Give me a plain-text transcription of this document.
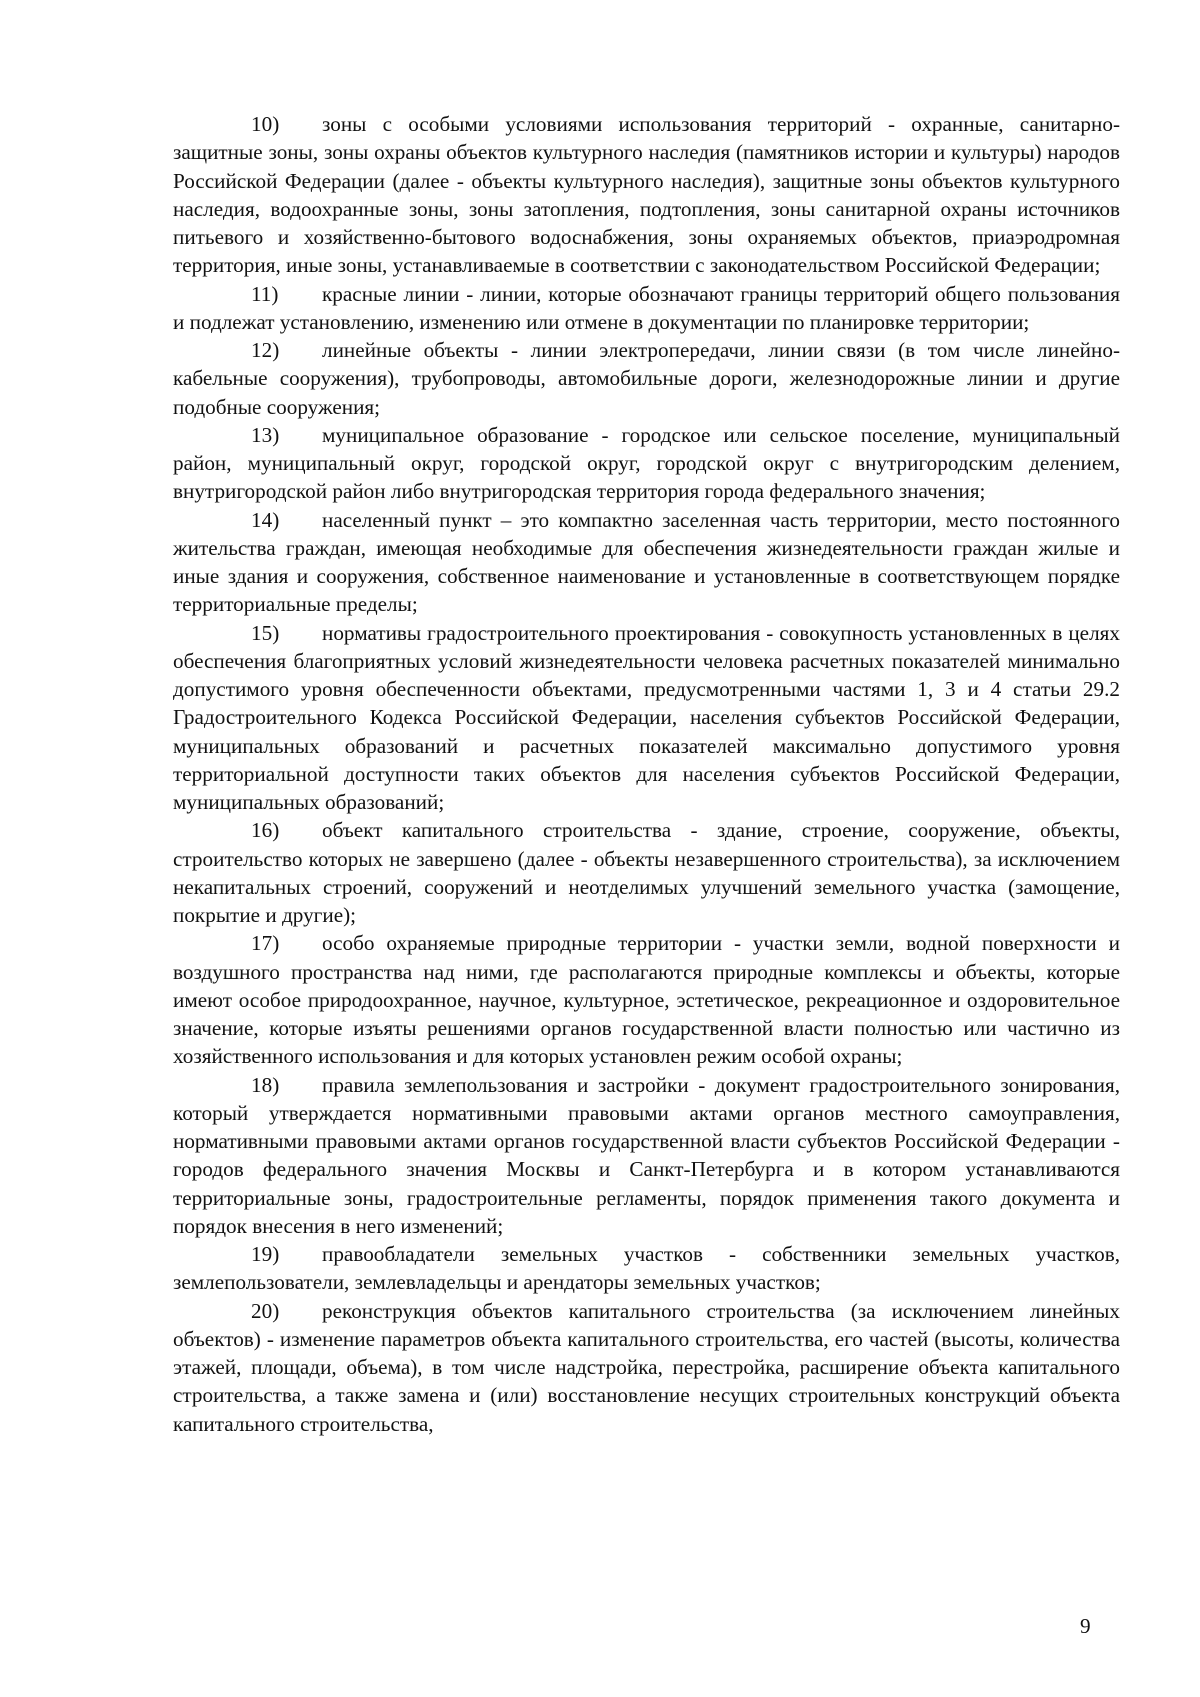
10) зоны с особыми условиями использования территорий - охранные, санитарно-защитные зоны, зоны охраны объектов культурного наследия (памятников истории и культуры) народов Российской Федерации (далее - объекты культурного наследия), защитные зоны объектов культурного наследия, водоохранные зоны, зоны затопления, подтопления, зоны санитарной охраны источников питьевого и хозяйственно-бытового водоснабжения, зоны охраняемых объектов, приаэродромная территория, иные зоны, устанавливаемые в соответствии с законодательством Российской Федерации;

11) красные линии - линии, которые обозначают границы территорий общего пользования и подлежат установлению, изменению или отмене в документации по планировке территории;

12) линейные объекты - линии электропередачи, линии связи (в том числе линейно-кабельные сооружения), трубопроводы, автомобильные дороги, железнодорожные линии и другие подобные сооружения;

13) муниципальное образование - городское или сельское поселение, муниципальный район, муниципальный округ, городской округ, городской округ с внутригородским делением, внутригородской район либо внутригородская территория города федерального значения;

14) населенный пункт – это компактно заселенная часть территории, место постоянного жительства граждан, имеющая необходимые для обеспечения жизнедеятельности граждан жилые и иные здания и сооружения, собственное наименование и установленные в соответствующем порядке территориальные пределы;

15) нормативы градостроительного проектирования - совокупность установленных в целях обеспечения благоприятных условий жизнедеятельности человека расчетных показателей минимально допустимого уровня обеспеченности объектами, предусмотренными частями 1, 3 и 4 статьи 29.2 Градостроительного Кодекса Российской Федерации, населения субъектов Российской Федерации, муниципальных образований и расчетных показателей максимально допустимого уровня территориальной доступности таких объектов для населения субъектов Российской Федерации, муниципальных образований;

16) объект капитального строительства - здание, строение, сооружение, объекты, строительство которых не завершено (далее - объекты незавершенного строительства), за исключением некапитальных строений, сооружений и неотделимых улучшений земельного участка (замощение, покрытие и другие);

17) особо охраняемые природные территории - участки земли, водной поверхности и воздушного пространства над ними, где располагаются природные комплексы и объекты, которые имеют особое природоохранное, научное, культурное, эстетическое, рекреационное и оздоровительное значение, которые изъяты решениями органов государственной власти полностью или частично из хозяйственного использования и для которых установлен режим особой охраны;

18) правила землепользования и застройки - документ градостроительного зонирования, который утверждается нормативными правовыми актами органов местного самоуправления, нормативными правовыми актами органов государственной власти субъектов Российской Федерации - городов федерального значения Москвы и Санкт-Петербурга и в котором устанавливаются территориальные зоны, градостроительные регламенты, порядок применения такого документа и порядок внесения в него изменений;

19) правообладатели земельных участков - собственники земельных участков, землепользователи, землевладельцы и арендаторы земельных участков;

20) реконструкция объектов капитального строительства (за исключением линейных объектов) - изменение параметров объекта капитального строительства, его частей (высоты, количества этажей, площади, объема), в том числе надстройка, перестройка, расширение объекта капитального строительства, а также замена и (или) восстановление несущих строительных конструкций объекта капитального строительства,

9
